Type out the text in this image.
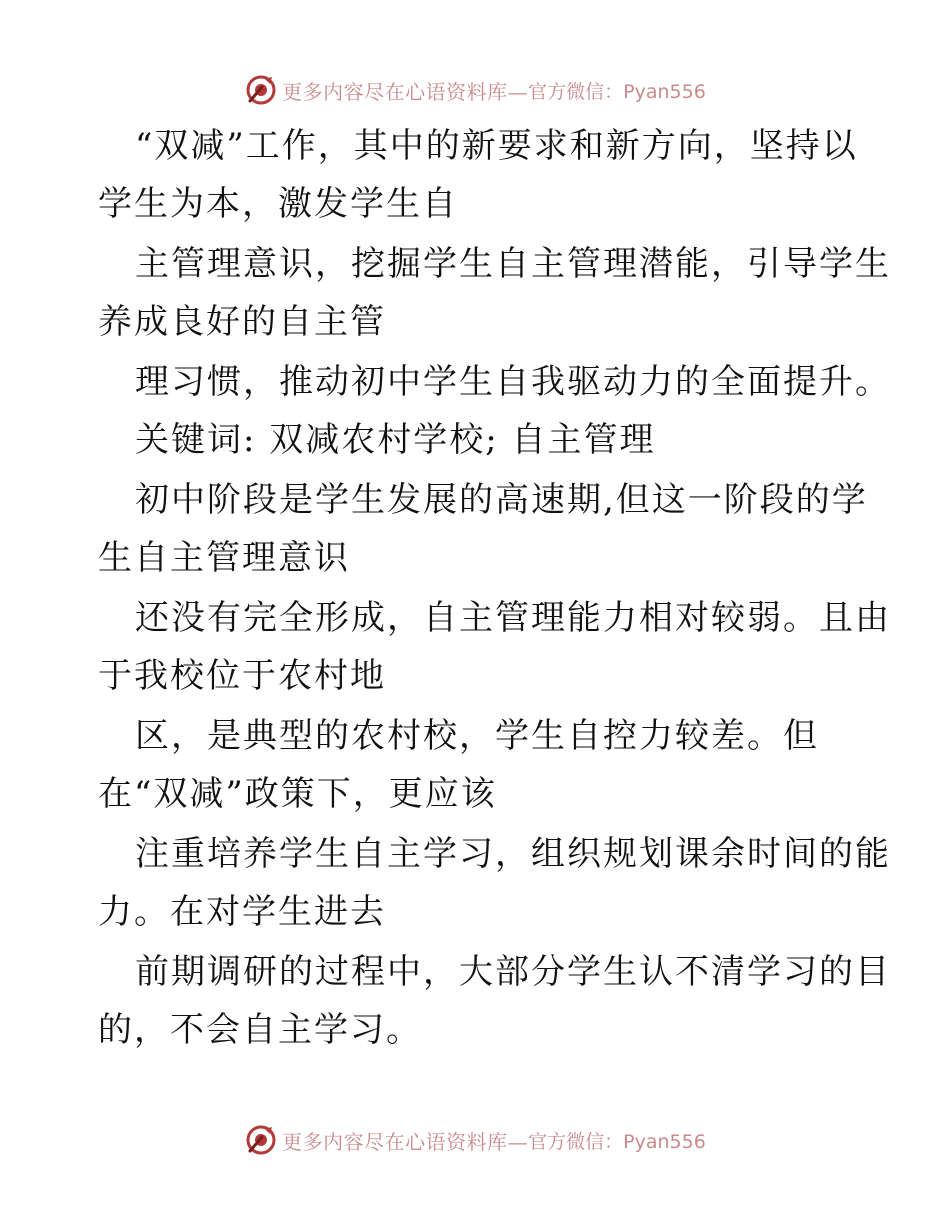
更多内容尽在心语资料库— 官方微信：Pyan556
“双减”工作，其中的新要求和新方向，坚持以
学生为本，激发学生自
主管理意识，挖掘学生自主管理潜能，引导学生
养成良好的自主管
理习惯，推动初中学生自我驱动力的全面提升。
关键词: 双减农村学校; 自主管理
初中阶段是学生发展的高速期,但这一阶段的学
生自主管理意识
还没有完全形成，自主管理能力相对较弱。且由
于我校位于农村地
区，是典型的农村校，学生自控力较差。但
在“双减”政策下，更应该
注重培养学生自主学习，组织规划课余时间的能
力。在对学生进去
前期调研的过程中，大部分学生认不清学习的目
的，不会自主学习。
更多内容尽在心语资料库— 官方微信：Pyan556
